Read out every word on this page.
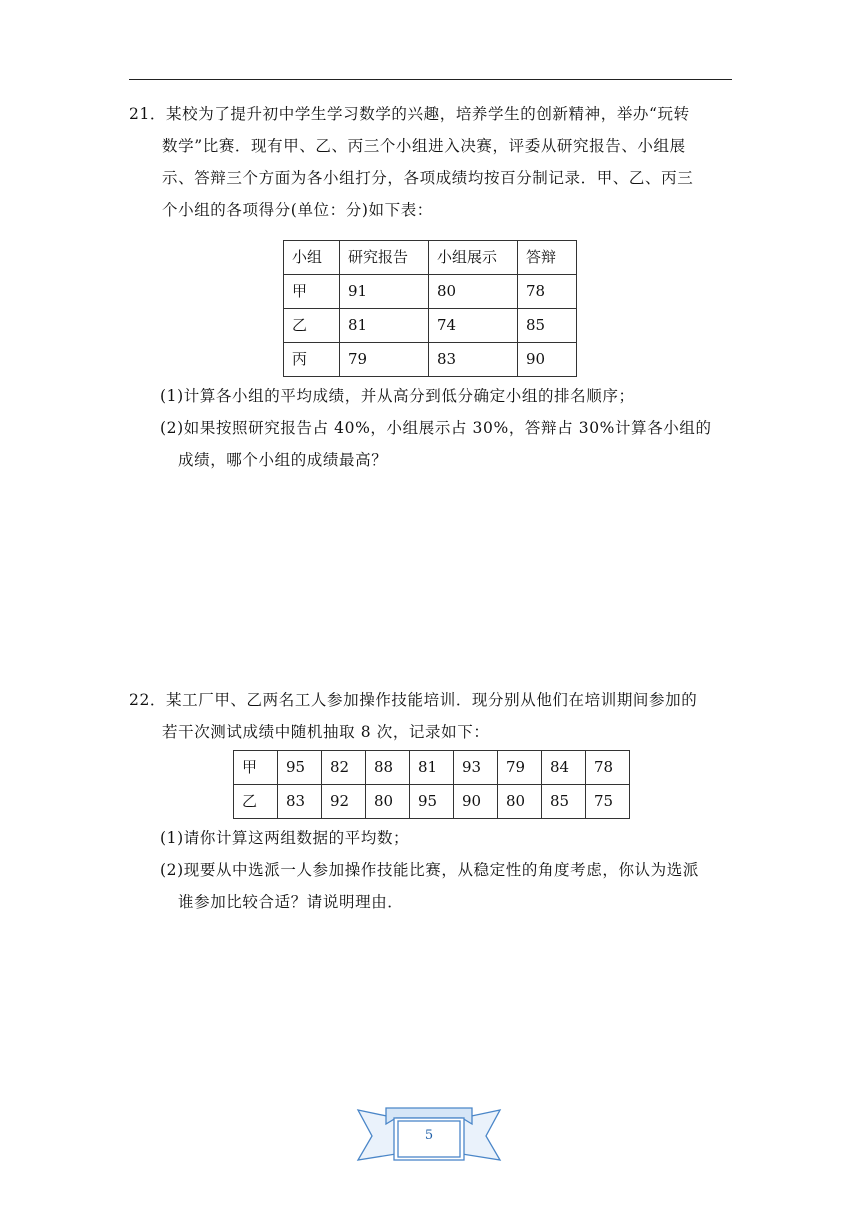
21．某校为了提升初中学生学习数学的兴趣，培养学生的创新精神，举办“玩转
数学”比赛．现有甲、乙、丙三个小组进入决赛，评委从研究报告、小组展
示、答辩三个方面为各小组打分，各项成绩均按百分制记录．甲、乙、丙三
个小组的各项得分(单位：分)如下表：
小组	研究报告	小组展示	答辩
甲	91	80	78
乙	81	74	85
丙	79	83	90
(1)计算各小组的平均成绩，并从高分到低分确定小组的排名顺序；
(2)如果按照研究报告占 40%，小组展示占 30%，答辩占 30%计算各小组的
成绩，哪个小组的成绩最高？
22．某工厂甲、乙两名工人参加操作技能培训．现分别从他们在培训期间参加的
若干次测试成绩中随机抽取 8 次，记录如下：
甲	95	82	88	81	93	79	84	78
乙	83	92	80	95	90	80	85	75
(1)请你计算这两组数据的平均数；
(2)现要从中选派一人参加操作技能比赛，从稳定性的角度考虑，你认为选派
谁参加比较合适？请说明理由．
5
